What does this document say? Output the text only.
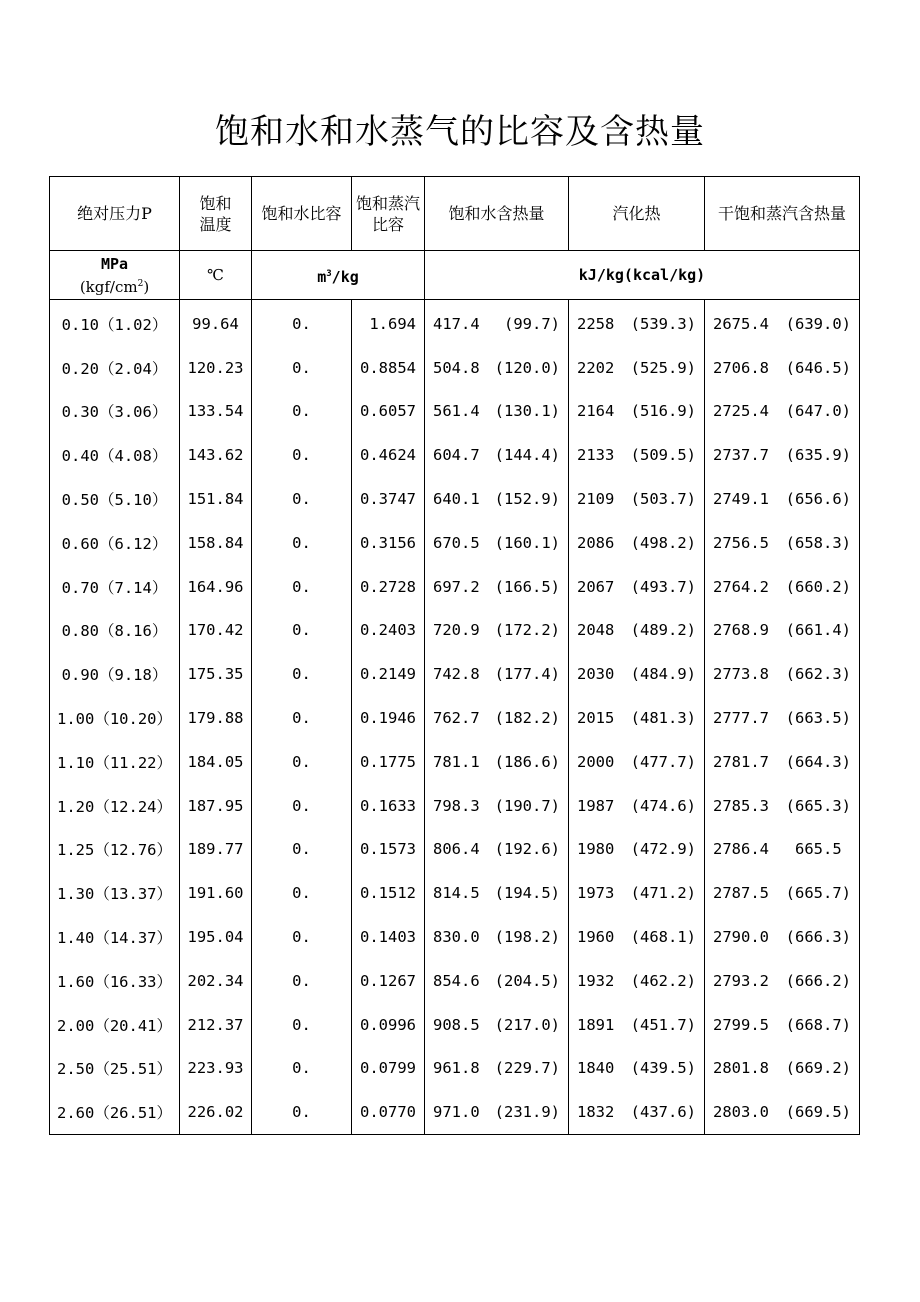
饱和水和水蒸气的比容及含热量
绝对压力P	饱和温度	饱和水比容	饱和蒸汽 比容	饱和水含热量	汽化热	干饱和蒸汽含热量

MPa
$(kgf/cm^2)$	℃	$m^3/kg$		kJ/kg(kcal/kg)		
0.10（1.02）	99.64	0.	1.694	417.4 (99.7)	2258 (539.3)	2675.4 (639.0)

0.20（2.04）	120.23	0.	0.8854	504.8 (120.0)	2202 (525.9)	2706.8 (646.5)

0.30（3.06）	133.54	0.	0.6057	561.4 (130.1)	2164 (516.9)	2725.4 (647.0)

0.40（4.08）	143.62	0.	0.4624	604.7 (144.4)	2133 (509.5)	2737.7 (635.9)

0.50（5.10）	151.84	0.	0.3747	640.1 (152.9)	2109 (503.7)	2749.1 (656.6)

0.60（6.12）	158.84	0.	0.3156	670.5 (160.1)	2086 (498.2)	2756.5 (658.3)

0.70（7.14）	164.96	0.	0.2728	697.2 (166.5)	2067 (493.7)	2764.2 (660.2)

0.80（8.16）	170.42	0.	0.2403	720.9 (172.2)	2048 (489.2)	2768.9 (661.4)

0.90（9.18）	175.35	0.	0.2149	742.8 (177.4)	2030 (484.9)	2773.8 (662.3)

1.00（10.20）	179.88	0.	0.1946	762.7 (182.2)	2015 (481.3)	2777.7 (663.5)

1.10（11.22）	184.05	0.	0.1775	781.1 (186.6)	2000 (477.7)	2781.7 (664.3)

1.20（12.24）	187.95	0.	0.1633	798.3 (190.7)	1987 (474.6)	2785.3 (665.3)

1.25（12.76）	189.77	0.	0.1573	806.4 (192.6)	1980 (472.9)	2786.4 665.5

1.30（13.37）	191.60	0.	0.1512	814.5 (194.5)	1973 (471.2)	2787.5 (665.7)

1.40（14.37）	195.04	0.	0.1403	830.0 (198.2)	1960 (468.1)	2790.0 (666.3)

1.60（16.33）	202.34	0.	0.1267	854.6 (204.5)	1932 (462.2)	2793.2 (666.2)

2.00（20.41）	212.37	0.	0.0996	908.5 (217.0)	1891 (451.7)	2799.5 (668.7)

2.50（25.51）	223.93	0.	0.0799	961.8 (229.7)	1840 (439.5)	2801.8 (669.2)

2.60（26.51）	226.02	0.	0.0770	971.0 (231.9)	1832 (437.6)	2803.0 (669.5)
